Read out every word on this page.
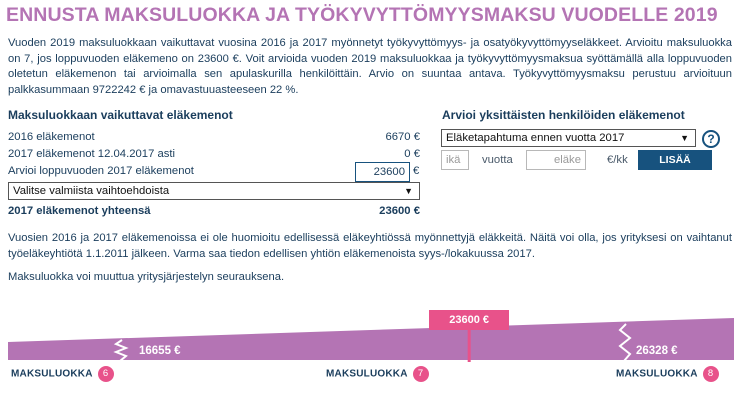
ENNUSTA MAKSULUOKKA JA TYÖKYVYTTÖMYYSMAKSU VUODELLE 2019
Vuoden 2019 maksuluokkaan vaikuttavat vuosina 2016 ja 2017 myönnetyt työkyvyttömyys- ja osatyökyvyttömyyseläkkeet. Arvioitu maksuluokka on 7, jos loppuvuoden eläkemeno on 23600 €. Voit arvioida vuoden 2019 maksuluokkaa ja työkyvyttömyysmaksua syöttämällä alla loppuvuoden oletetun eläkemenon tai arvioimalla sen apulaskurilla henkilöittäin. Arvio on suuntaa antava. Työkyvyttömyysmaksu perustuu arvioituun palkkasummaan 9722242 € ja omavastuuasteeseen 22 %.
Maksuluokkaan vaikuttavat eläkemenot
2016 eläkemenot	6670 €
2017 eläkemenot 12.04.2017 asti	0 €
Arvioi loppuvuoden 2017 eläkemenot
23600	€
Valitse valmiista vaihtoehdoista	▼
2017 eläkemenot yhteensä	23600 €
Arvioi yksittäisten henkilöiden eläkemenot
Eläketapahtuma ennen vuotta 2017	▼	?
ikä
vuotta
eläke	€/kk	LISÄÄ
Vuosien 2016 ja 2017 eläkemenoissa ei ole huomioitu edellisessä eläkeyhtiössä myönnettyjä eläkkeitä. Näitä voi olla, jos yrityksesi on vaihtanut työeläkeyhtiötä 1.1.2011 jälkeen. Varma saa tiedon edellisen yhtiön eläkemenoista syys-/lokakuussa 2017.
Maksuluokka voi muuttua yritysjärjestelyn seurauksena.
23600 €
16655 €	26328 €
MAKSULUOKKA 6	MAKSULUOKKA 7	MAKSULUOKKA 8
